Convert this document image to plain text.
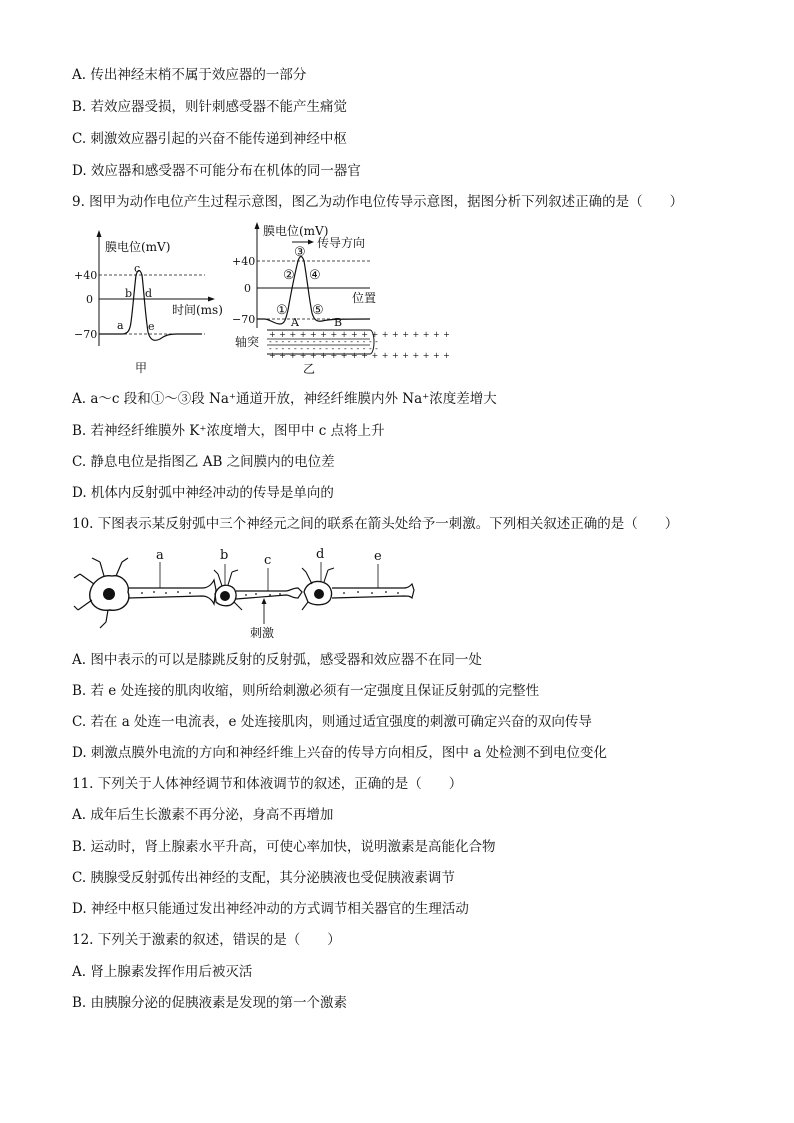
A. 传出神经末梢不属于效应器的一部分
B. 若效应器受损，则针刺感受器不能产生痛觉
C. 刺激效应器引起的兴奋不能传递到神经中枢
D. 效应器和感受器不可能分布在机体的同一器官
9. 图甲为动作电位产生过程示意图，图乙为动作电位传导示意图，据图分析下列叙述正确的是（　　）
膜电位(mV)
+40
0
−70
时间(ms)
a
b
c
d
e
甲
膜电位(mV)
传导方向
+40
0
−70
位置
①
②
③
④
⑤
A	B
+ + + + + + + + + + + + + + + + + +
- - - - - - - - - - - - - - - - - -
- - - - - - - - - - - - - - - - - -
+ + + + + + + + + + + + + + + + + +
轴突
乙
A. a～c 段和①～③段 Na⁺通道开放，神经纤维膜内外 Na⁺浓度差增大
B. 若神经纤维膜外 K⁺浓度增大，图甲中 c 点将上升
C. 静息电位是指图乙 AB 之间膜内的电位差
D. 机体内反射弧中神经冲动的传导是单向的
10. 下图表示某反射弧中三个神经元之间的联系在箭头处给予一刺激。下列相关叙述正确的是（　　）
a	b	c	d	e
刺激
A. 图中表示的可以是膝跳反射的反射弧，感受器和效应器不在同一处
B. 若 e 处连接的肌肉收缩，则所给刺激必须有一定强度且保证反射弧的完整性
C. 若在 a 处连一电流表，e 处连接肌肉，则通过适宜强度的刺激可确定兴奋的双向传导
D. 刺激点膜外电流的方向和神经纤维上兴奋的传导方向相反，图中 a 处检测不到电位变化
11. 下列关于人体神经调节和体液调节的叙述，正确的是（　　）
A. 成年后生长激素不再分泌，身高不再增加
B. 运动时，肾上腺素水平升高，可使心率加快，说明激素是高能化合物
C. 胰腺受反射弧传出神经的支配，其分泌胰液也受促胰液素调节
D. 神经中枢只能通过发出神经冲动的方式调节相关器官的生理活动
12. 下列关于激素的叙述，错误的是（　　）
A. 肾上腺素发挥作用后被灭活
B. 由胰腺分泌的促胰液素是发现的第一个激素
